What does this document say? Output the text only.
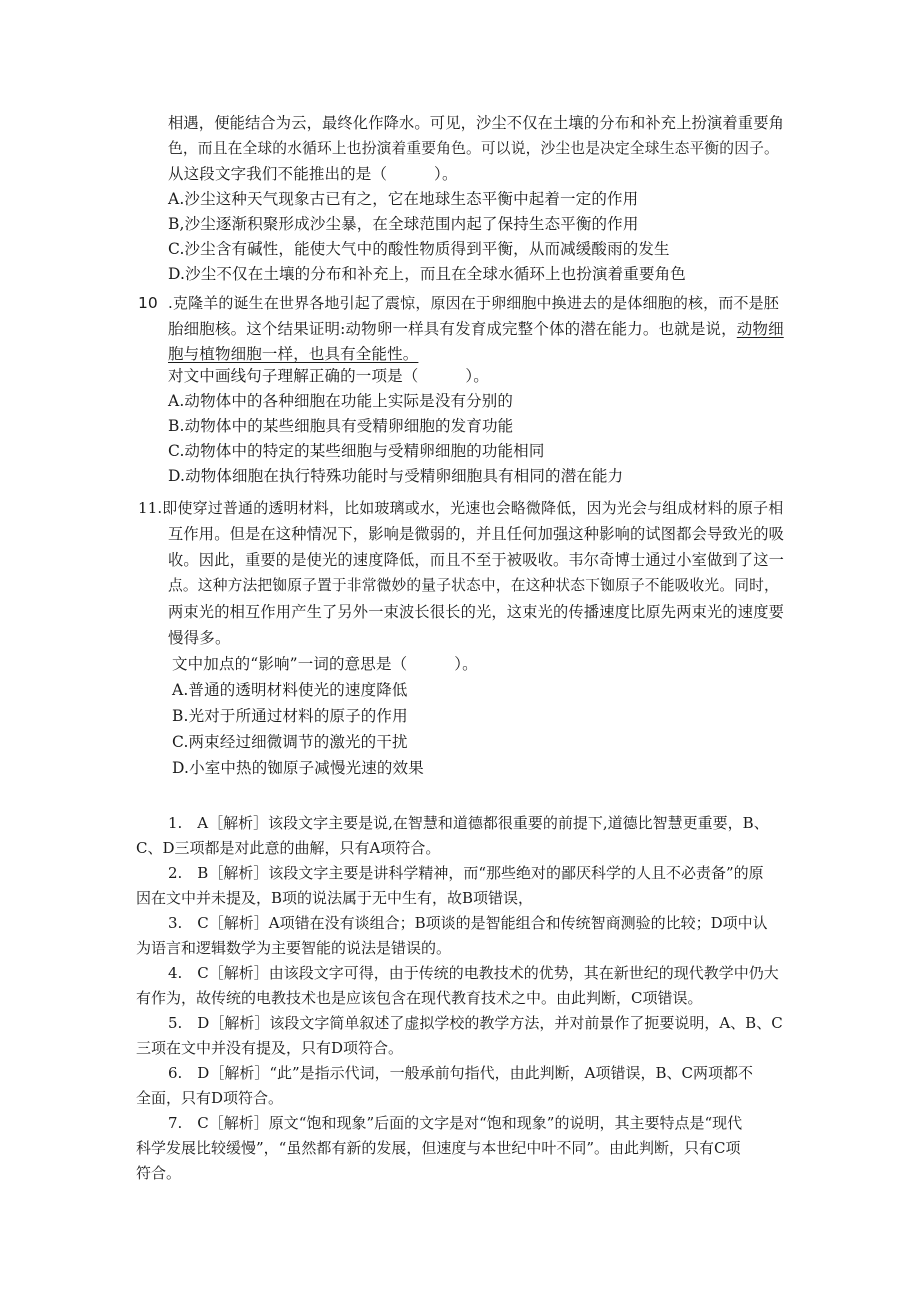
相遇，便能结合为云，最终化作降水。可见，沙尘不仅在土壤的分布和补充上扮演着重要角
色，而且在全球的水循环上也扮演着重要角色。可以说，沙尘也是决定全球生态平衡的因子。
从这段文字我们不能推出的是（　　　）。
A.沙尘这种天气现象古已有之，它在地球生态平衡中起着一定的作用
B,沙尘逐渐积聚形成沙尘暴，在全球范围内起了保持生态平衡的作用
C.沙尘含有碱性，能使大气中的酸性物质得到平衡，从而减缓酸雨的发生
D.沙尘不仅在土壤的分布和补充上，而且在全球水循环上也扮演着重要角色
10 .克隆羊的诞生在世界各地引起了震惊，原因在于卵细胞中换进去的是体细胞的核，而不是胚
胎细胞核。这个结果证明:动物卵一样具有发育成完整个体的潜在能力。也就是说，动物细
胞与植物细胞一样，也具有全能性。
对文中画线句子理解正确的一项是（　　　）。
A.动物体中的各种细胞在功能上实际是没有分别的
B.动物体中的某些细胞具有受精卵细胞的发育功能
C.动物体中的特定的某些细胞与受精卵细胞的功能相同
D.动物体细胞在执行特殊功能时与受精卵细胞具有相同的潜在能力
11.即使穿过普通的透明材料，比如玻璃或水，光速也会略微降低，因为光会与组成材料的原子相
互作用。但是在这种情况下，影响是微弱的，并且任何加强这种影响的试图都会导致光的吸
收。因此，重要的是使光的速度降低，而且不至于被吸收。韦尔奇博士通过小室做到了这一
点。这种方法把铷原子置于非常微妙的量子状态中，在这种状态下铷原子不能吸收光。同时，
两束光的相互作用产生了另外一束波长很长的光，这束光的传播速度比原先两束光的速度要
慢得多。
文中加点的“影响”一词的意思是（　　　）。
A.普通的透明材料使光的速度降低
B.光对于所通过材料的原子的作用
C.两束经过细微调节的激光的干扰
D.小室中热的铷原子减慢光速的效果
1.　A［解析］该段文字主要是说,在智慧和道德都很重要的前提下,道德比智慧更重要，B、
C、D三项都是对此意的曲解，只有A项符合。
2.　B［解析］该段文字主要是讲科学精神，而“那些绝对的鄙厌科学的人且不必责备”的原
因在文中并未提及，B项的说法属于无中生有，故B项错误，
3.　C［解析］A项错在没有谈组合；B项谈的是智能组合和传统智商测验的比较；D项中认
为语言和逻辑数学为主要智能的说法是错误的。
4.　C［解析］由该段文字可得，由于传统的电教技术的优势，其在新世纪的现代教学中仍大
有作为，故传统的电教技术也是应该包含在现代教育技术之中。由此判断，C项错误。
5.　D［解析］该段文字简单叙述了虚拟学校的教学方法，并对前景作了扼要说明，A、B、C
三项在文中并没有提及，只有D项符合。
6.　D［解析］“此”是指示代词，一般承前句指代，由此判断，A项错误，B、C两项都不
全面，只有D项符合。
7.　C［解析］原文“饱和现象”后面的文字是对“饱和现象”的说明，其主要特点是“现代
科学发展比较缓慢”，“虽然都有新的发展，但速度与本世纪中叶不同”。由此判断，只有C项
符合。
